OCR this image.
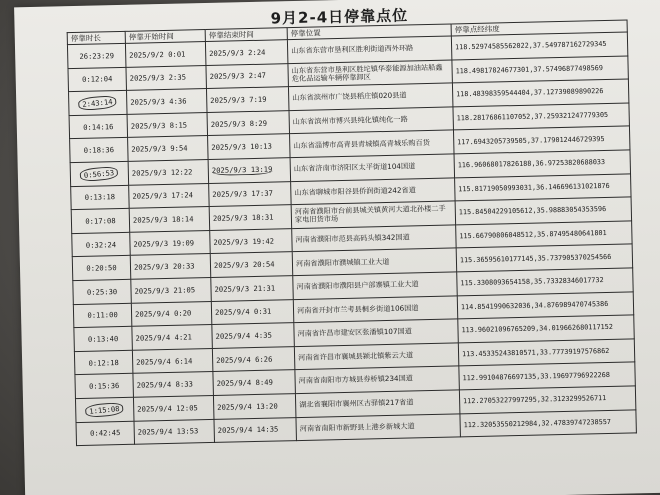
9月2-4日停靠点位
停靠时长	停靠开始时间	停靠结束时间	停靠位置	停靠点经纬度
26:23:29	2025/9/2 0:01	2025/9/3 2:24	山东省东营市垦利区胜利街道西外环路	118.52974585562022,37.549787162729345
0:12:04	2025/9/3 2:35	2025/9/3 2:47	山东省东营市垦利区胜坨镇华泰能源加油站船鑫危化品运输车辆停靠卸区	118.49817824677301,37.57496877498569
2:43:14	2025/9/3 4:36	2025/9/3 7:19	山东省滨州市广饶县稻庄镇020县道	118.48398359544404,37.12739089890226
0:14:16	2025/9/3 8:15	2025/9/3 8:29	山东省滨州市博兴县纯化镇纯化一路	118.28176861107052,37.259321247779305
0:18:36	2025/9/3 9:54	2025/9/3 10:13	山东省淄博市高青县青城镇高青城乐购百货	117.6943205739505,37.179012446729395
0:56:53	2025/9/3 12:22	2025/9/3 13:19	山东省济南市济阳区太平街道104国道	116.96068017826188,36.97253820688033
0:13:18	2025/9/3 17:24	2025/9/3 17:37	山东省聊城市阳谷县侨润街道242省道	115.81719050993031,36.146696131021876
0:17:08	2025/9/3 18:14	2025/9/3 18:31	河南省濮阳市台前县城关镇黄河大道北孙楼二手家电旧货市场	115.84504229105612,35.98883054353596
0:32:24	2025/9/3 19:09	2025/9/3 19:42	河南省濮阳市范县高码头镇342国道	115.66790806048512,35.87495480641801
0:20:50	2025/9/3 20:33	2025/9/3 20:54	河南省濮阳市濮城镇工业大道	115.36595610177145,35.737905370254566
0:25:30	2025/9/3 21:05	2025/9/3 21:31	河南省濮阳市濮阳县户部寨镇工业大道	115.3308093654158,35.73328346017732
0:11:00	2025/9/4 0:20	2025/9/4 0:31	河南省开封市兰考县桐乡街道106国道	114.8541990632036,34.876989470745386
0:13:40	2025/9/4 4:21	2025/9/4 4:35	河南省许昌市建安区张潘镇107国道	113.96021096765209,34.019662680117152
0:12:18	2025/9/4 6:14	2025/9/4 6:26	河南省许昌市襄城县颍北镇紫云大道	113.45335243810571,33.77739197576862
0:15:36	2025/9/4 8:33	2025/9/4 8:49	河南省南阳市方城县券桥镇234国道	112.99104876697135,33.19697796922268
1:15:08	2025/9/4 12:05	2025/9/4 13:20	湖北省襄阳市襄州区古驿镇217省道	112.27053227997295,32.3123299526711
0:42:45	2025/9/4 13:53	2025/9/4 14:35	河南省南阳市新野县上港乡新城大道	112.32053550212984,32.47839747238557
